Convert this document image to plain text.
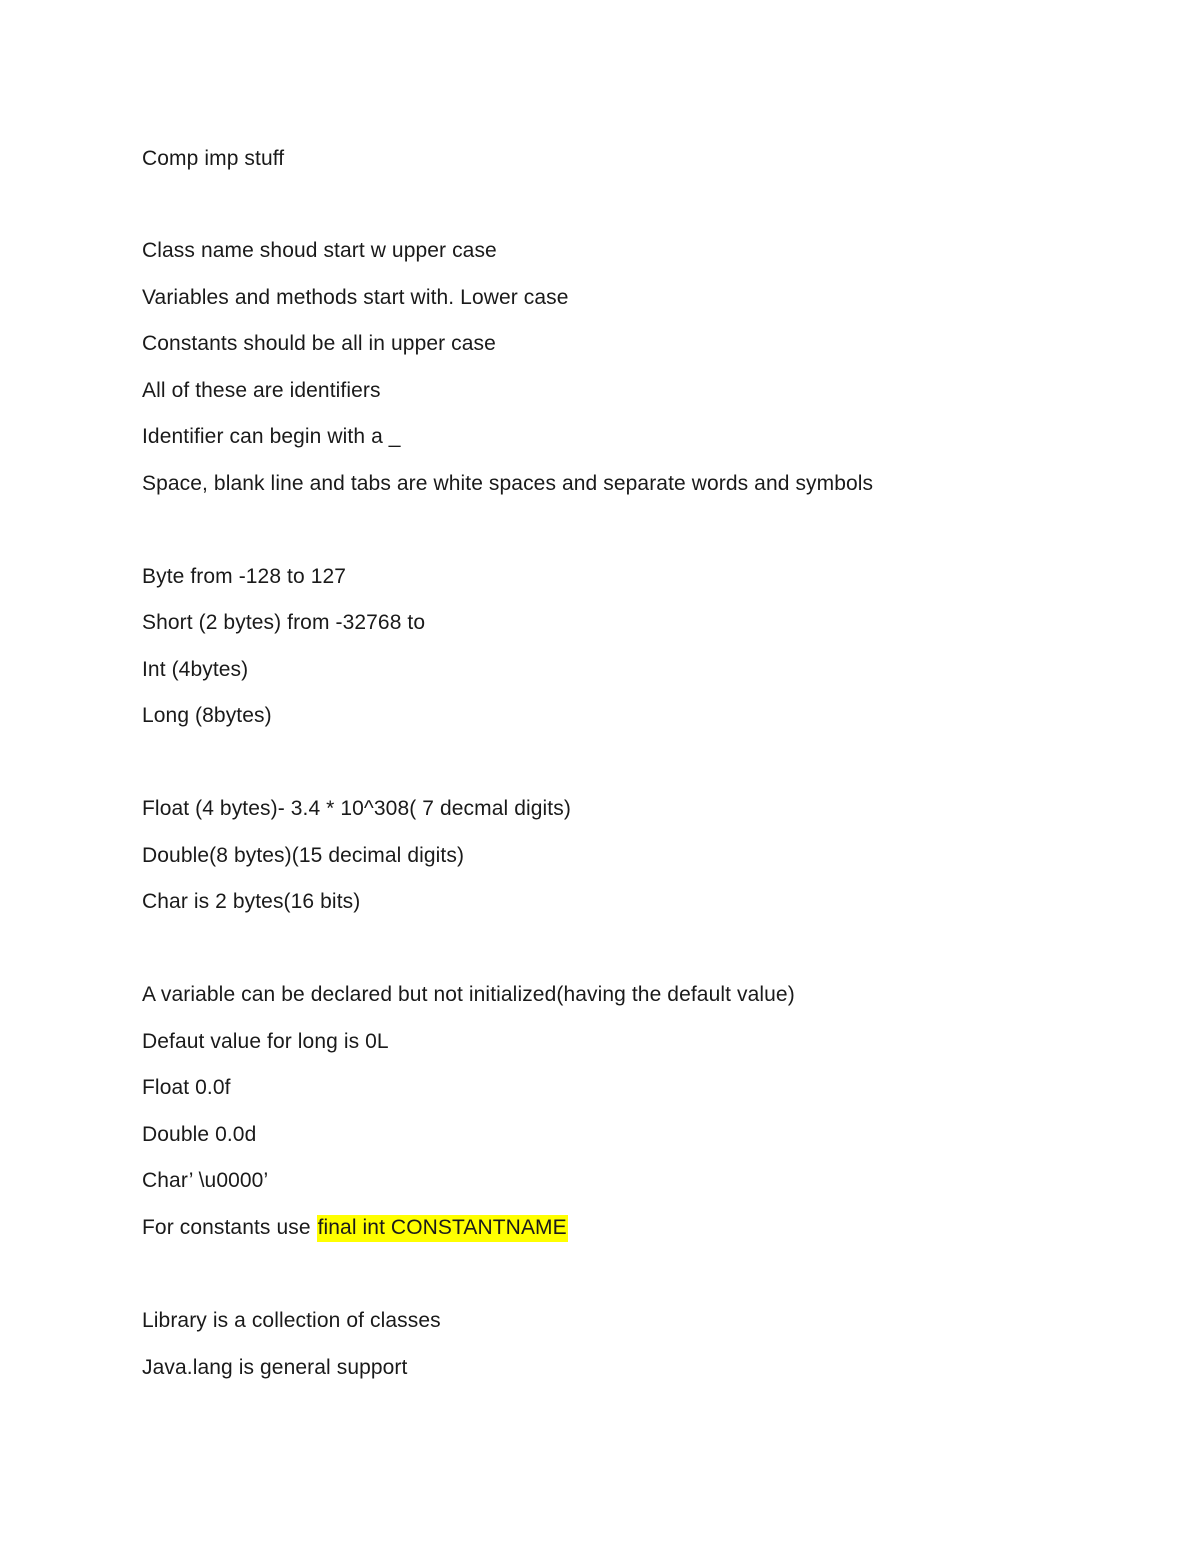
Comp imp stuff
Class name shoud start w upper case
Variables and methods start with. Lower case
Constants should be all in upper case
All of these are identifiers
Identifier can begin with a _
Space, blank line and tabs are white spaces and separate words and symbols
Byte from -128 to 127
Short (2 bytes) from -32768 to
Int (4bytes)
Long (8bytes)
Float (4 bytes)- 3.4 * 10^308( 7 decmal digits)
Double(8 bytes)(15 decimal digits)
Char is 2 bytes(16 bits)
A variable can be declared but not initialized(having the default value)
Defaut value for long is 0L
Float 0.0f
Double 0.0d
Char’ \u0000’
For constants use final int CONSTANTNAME
Library is a collection of classes
Java.lang is general support
